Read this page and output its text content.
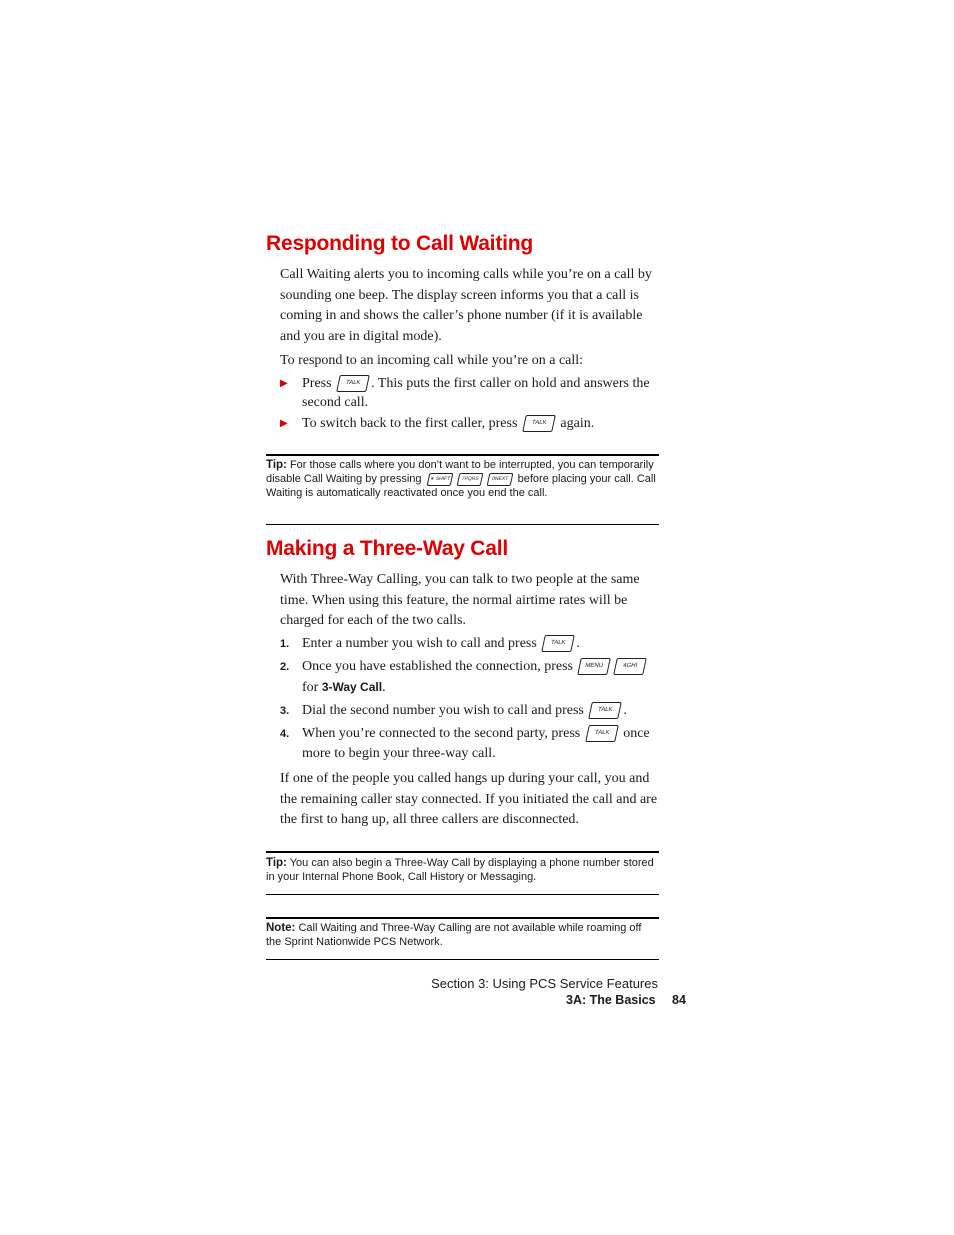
Responding to Call Waiting

Call Waiting alerts you to incoming calls while you’re on a call by sounding one beep. The display screen informs you that a call is coming in and shows the caller’s phone number (if it is available and you are in digital mode).

To respond to an incoming call while you’re on a call:

▶ Press TALK . This puts the first caller on hold and answers the second call.
▶ To switch back to the first caller, press TALK again.
Tip: For those calls where you don’t want to be interrupted, you can temporarily disable Call Waiting by pressing ∗ SHIFT 7PQRS 0NEXT before placing your call. Call Waiting is automatically reactivated once you end the call.
Making a Three-Way Call

With Three-Way Calling, you can talk to two people at the same time. When using this feature, the normal airtime rates will be charged for each of the two calls.

1. Enter a number you wish to call and press TALK .
2. Once you have established the connection, press MENU	4GHI for 3-Way Call.
3. Dial the second number you wish to call and press TALK .
4. When you’re connected to the second party, press TALK once more to begin your three-way call.

If one of the people you called hangs up during your call, you and the remaining caller stay connected. If you initiated the call and are the first to hang up, all three callers are disconnected.

Tip: You can also begin a Three-Way Call by displaying a phone number stored in your Internal Phone Book, Call History or Messaging.
Note: Call Waiting and Three-Way Calling are not available while roaming off the Sprint Nationwide PCS Network.
Section 3: Using PCS Service Features
3A: The Basics 84
